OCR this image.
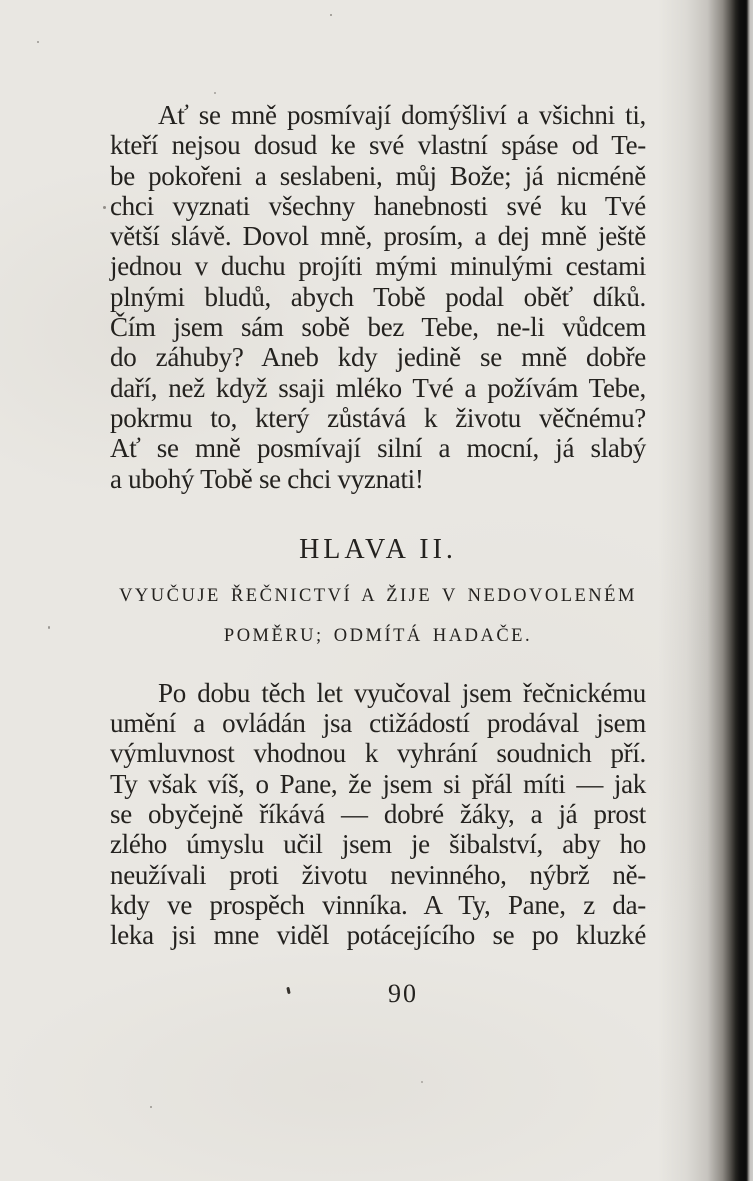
Ať se mně posmívají domýšliví a všichni ti,
kteří nejsou dosud ke své vlastní spáse od Te-
be pokořeni a seslabeni, můj Bože; já nicméně
chci vyznati všechny hanebnosti své ku Tvé
větší slávě. Dovol mně, prosím, a dej mně ještě
jednou v duchu projíti mými minulými cestami
plnými bludů, abych Tobě podal oběť díků.
Čím jsem sám sobě bez Tebe, ne-li vůdcem
do záhuby? Aneb kdy jedině se mně dobře
daří, než když ssaji mléko Tvé a požívám Tebe,
pokrmu to, který zůstává k životu věčnému?
Ať se mně posmívají silní a mocní, já slabý
a ubohý Tobě se chci vyznati!
HLAVA II.
VYUČUJE ŘEČNICTVÍ A ŽIJE V NEDOVOLENÉM
POMĚRU; ODMÍTÁ HADAČE.
Po dobu těch let vyučoval jsem řečnickému
umění a ovládán jsa ctižádostí prodával jsem
výmluvnost vhodnou k vyhrání soudnich pří.
Ty však víš, o Pane, že jsem si přál míti — jak
se obyčejně říkává — dobré žáky, a já prost
zlého úmyslu učil jsem je šibalství, aby ho
neužívali proti životu nevinného, nýbrž ně-
kdy ve prospěch vinníka. A Ty, Pane, z da-
leka jsi mne viděl potácejícího se po kluzké
90
